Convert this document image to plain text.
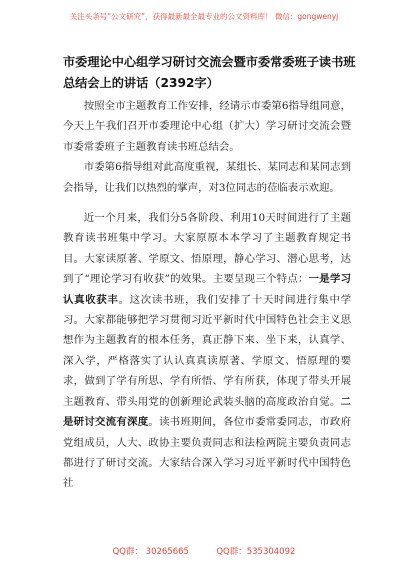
关注头条号“公文研究”，获得最新最全最专业的公文资料库！ 微信：gongwenyj
市委理论中心组学习研讨交流会暨市委常委班子读书班总结会上的讲话（2392字）

按照全市主题教育工作安排，经请示市委第6指导组同意，今天上午我们召开市委理论中心组（扩大）学习研讨交流会暨市委常委班子主题教育读书班总结会。

市委第6指导组对此高度重视，某组长、某同志和某同志到会指导，让我们以热烈的掌声，对3位同志的莅临表示欢迎。

近一个月来，我们分5各阶段、利用10天时间进行了主题教育读书班集中学习。大家原原本本学习了主题教育规定书目。大家读原著、学原文、悟原理，静心学习、潜心思考，达到了“理论学习有收获”的效果。主要呈现三个特点：一是学习认真收获丰。这次读书班，我们安排了十天时间进行集中学习。大家都能够把学习贯彻习近平新时代中国特色社会主义思想作为主题教育的根本任务，真正静下来、坐下来，认真学、深入学，严格落实了认认真真读原著、学原文、悟原理的要求，做到了学有所思、学有所悟、学有所获，体现了带头开展主题教育、带头用党的创新理论武装头脑的高度政治自觉。二是研讨交流有深度。读书班期间，各位市委常委同志，市政府党组成员，人大、政协主要负责同志和法检两院主要负责同志都进行了研讨交流。大家结合深入学习习近平新时代中国特色社

QQ群： 30265665	QQ群：535304092
